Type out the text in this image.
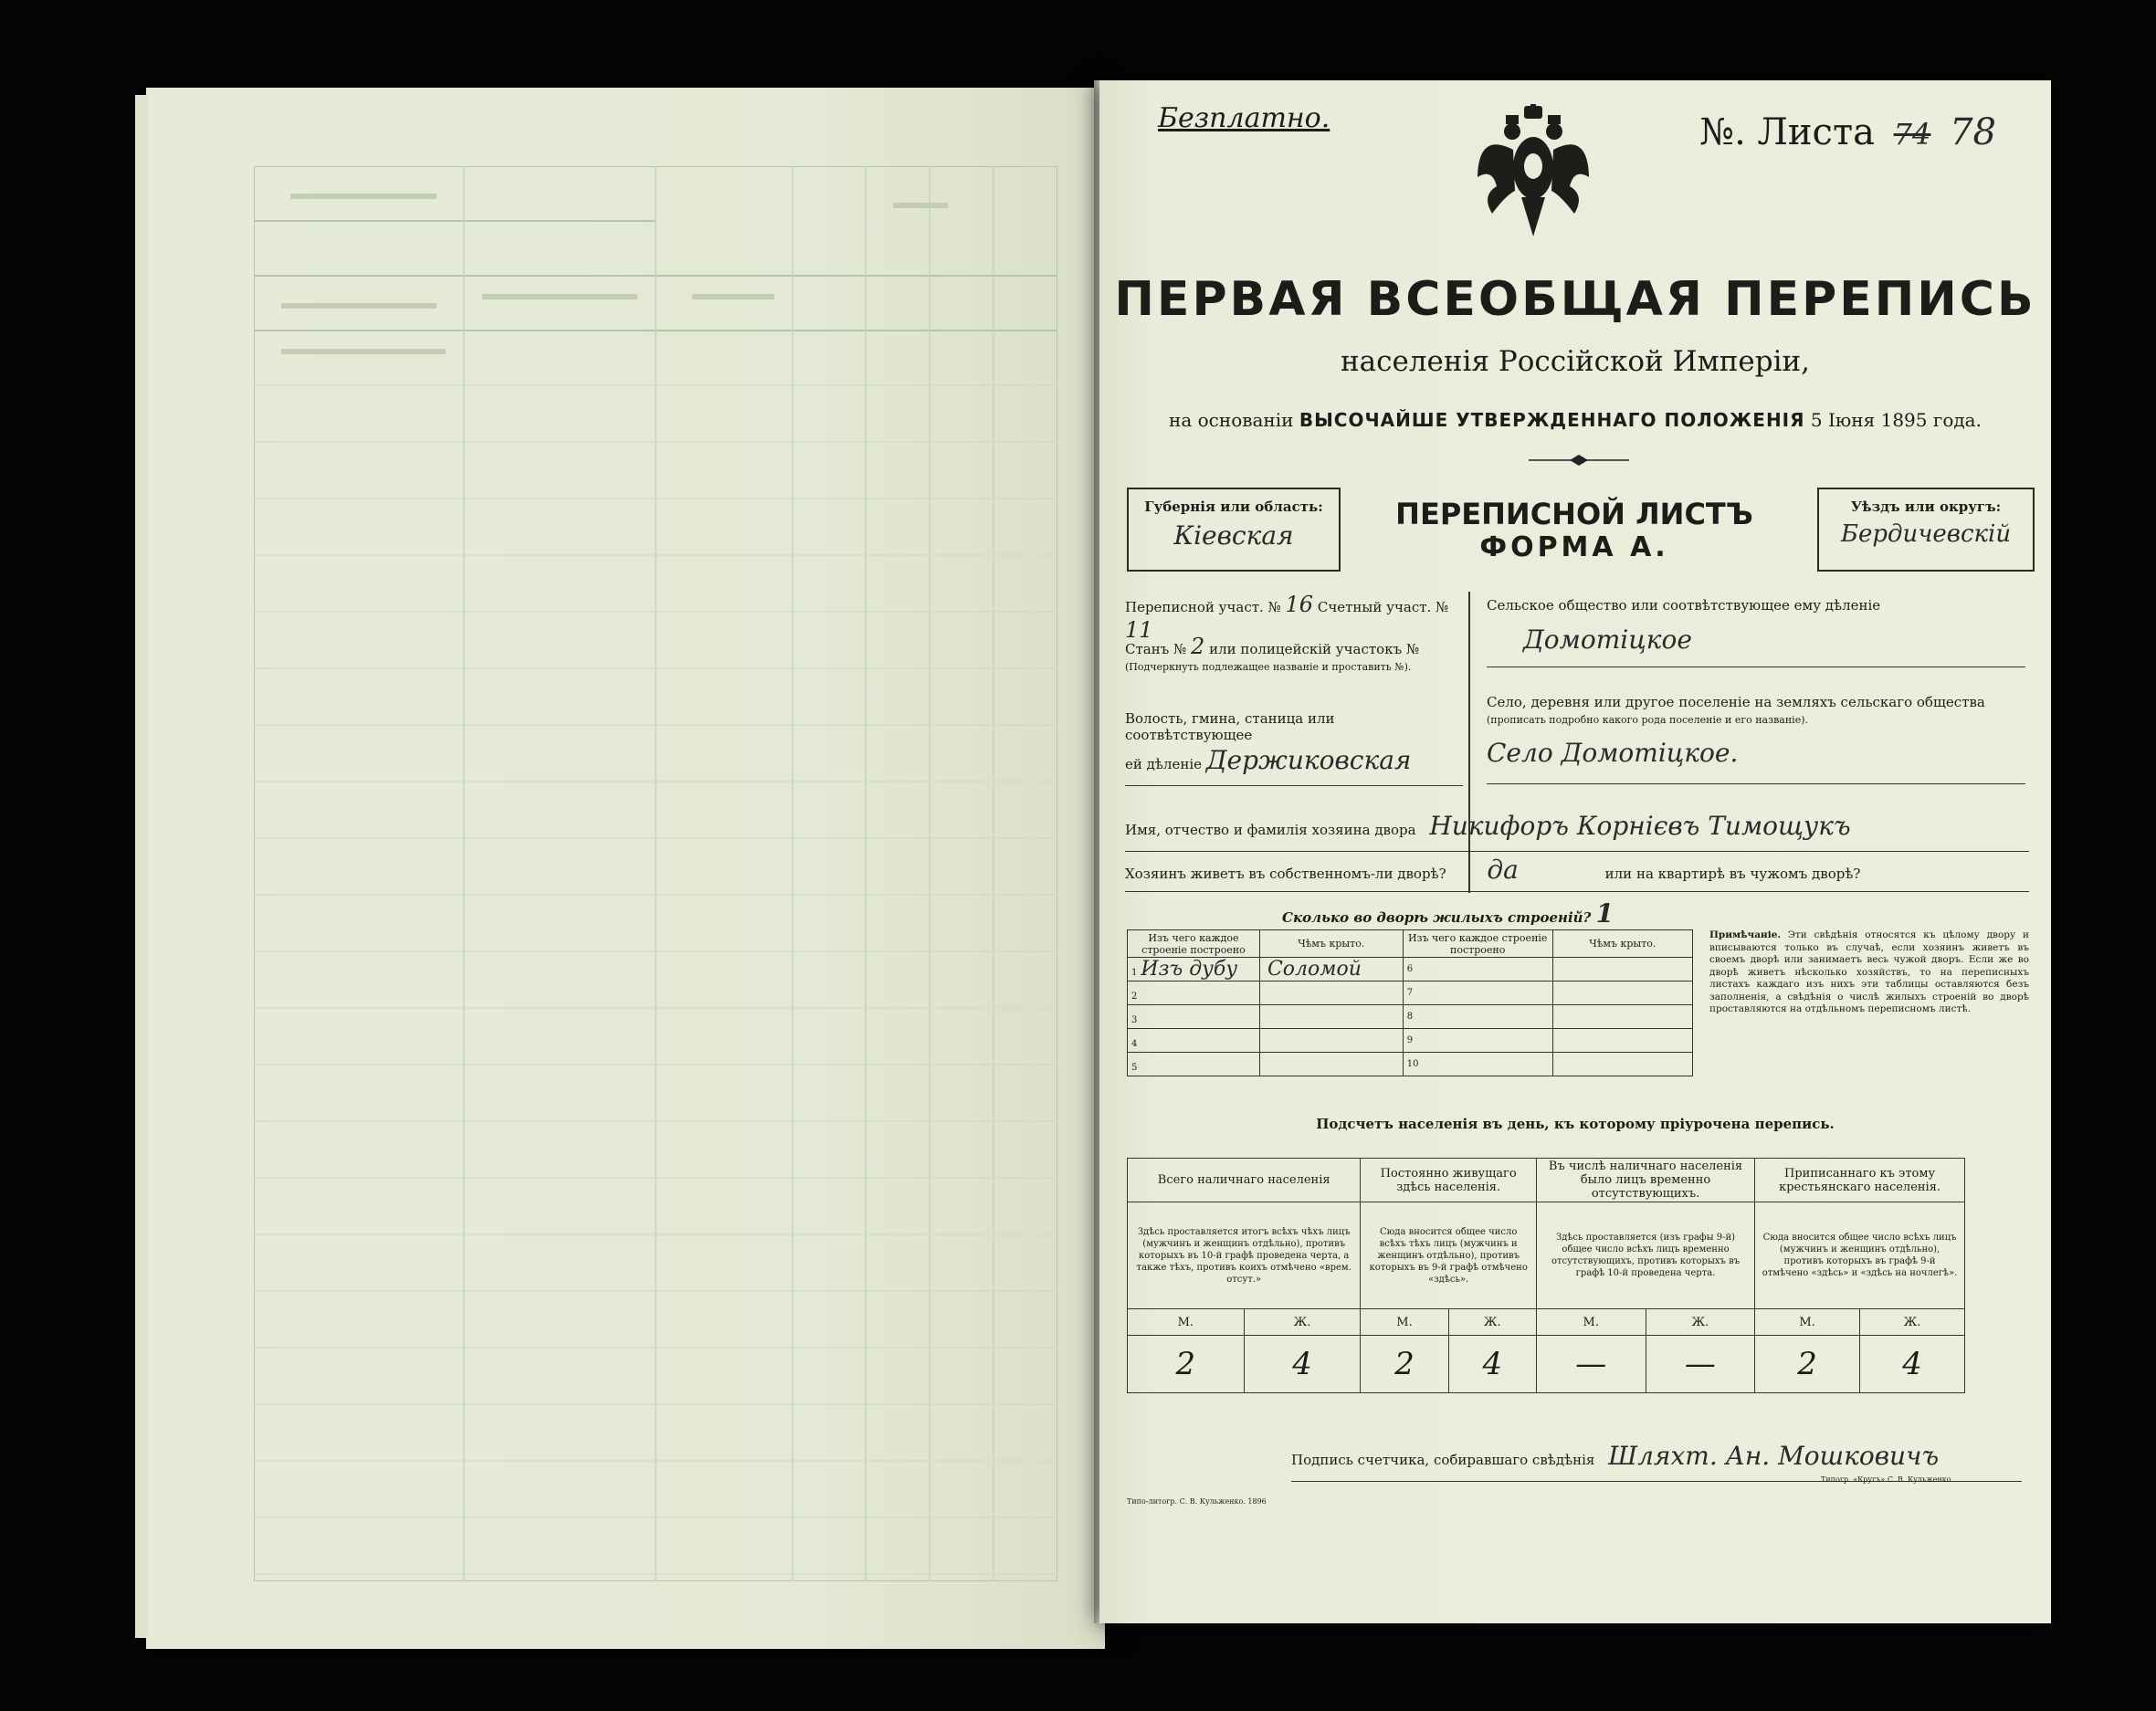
Безплатно.	№. Листа 74 78
ПЕРВАЯ ВСЕОБЩАЯ ПЕРЕПИСЬ
населенія Россійской Имперіи,
на основаніи ВЫСОЧАЙШЕ УТВЕРЖДЕННАГО ПОЛОЖЕНІЯ 5 Іюня 1895 года.
Губернія или область:
Кіевская
ПЕРЕПИСНОЙ ЛИСТЪ
ФОРМА А.
Уѣздъ или округъ:
Бердичевскій
Переписной участ. № 16 Счетный участ. № 11
Станъ № 2 или полицейскій участокъ №
(Подчеркнуть подлежащее названіе и проставить №).
Волость, гмина, станица или соотвѣтствующее
ей дѣленіе Держиковская
Сельское общество или соотвѣтствующее ему дѣленіе
Домотіцкое
Село, деревня или другое поселеніе на земляхъ сельскаго общества
(прописать подробно какого рода поселеніе и его названіе).
Село Домотіцкое.
Имя, отчество и фамилія хозяина двора Никифоръ Корнієвъ Тимощукъ
Хозяинъ живетъ въ собственномъ-ли дворѣ? да	или на квартирѣ въ чужомъ дворѣ?
Сколько во дворѣ жилыхъ строеній? 1
Изъ чего каждое строеніе построено	Чѣмъ крыто.	Изъ чего каждое строеніе построено	Чѣмъ крыто.
1 Изъ дубу	Соломой	6	
2		7	
3		8	
4		9	
5		10	
Примѣчаніе. Эти свѣдѣнія относятся къ цѣлому двору и вписываются только въ случаѣ, если хозяинъ живетъ въ своемъ дворѣ или занимаетъ весь чужой дворъ. Если же во дворѣ живетъ нѣсколько хозяйствъ, то на переписныхъ листахъ каждаго изъ нихъ эти таблицы оставляются безъ заполненія, а свѣдѣнія о числѣ жилыхъ строеній во дворѣ проставляются на отдѣльномъ переписномъ листѣ.
Подсчетъ населенія въ день, къ которому пріурочена перепись.
Всего наличнаго населенія		Постоянно живущаго здѣсь населенія.		Въ числѣ наличнаго населенія было лицъ временно отсутствующихъ.		Приписаннаго къ этому крестьянскаго населенія.	
Здѣсь проставляется итогъ всѣхъ чѣхъ лицъ (мужчинъ и женщинъ отдѣльно), противъ которыхъ въ 10-й графѣ проведена черта, а также тѣхъ, противъ коихъ отмѣчено «врем. отсут.»		Сюда вносится общее число всѣхъ тѣхъ лицъ (мужчинъ и женщинъ отдѣльно), противъ которыхъ въ 9-й графѣ отмѣчено «здѣсь».		Здѣсь проставляется (изъ графы 9-й) общее число всѣхъ лицъ временно отсутствующихъ, противъ которыхъ въ графѣ 10-й проведена черта.		Сюда вносится общее число всѣхъ лицъ (мужчинъ и женщинъ отдѣльно), противъ которыхъ въ графѣ 9-й отмѣчено «здѣсь» и «здѣсь на ночлегѣ».	
М.	Ж.	М.	Ж.	М.	Ж.	М.	Ж.
2	4	2	4	—	—	2	4
Подпись счетчика, собиравшаго свѣдѣнія Шляхт. Ан. Мошковичъ
Типо-литогр. С. В. Кульженко. 1896
Типогр. «Кругъ» С. В. Кульженко
